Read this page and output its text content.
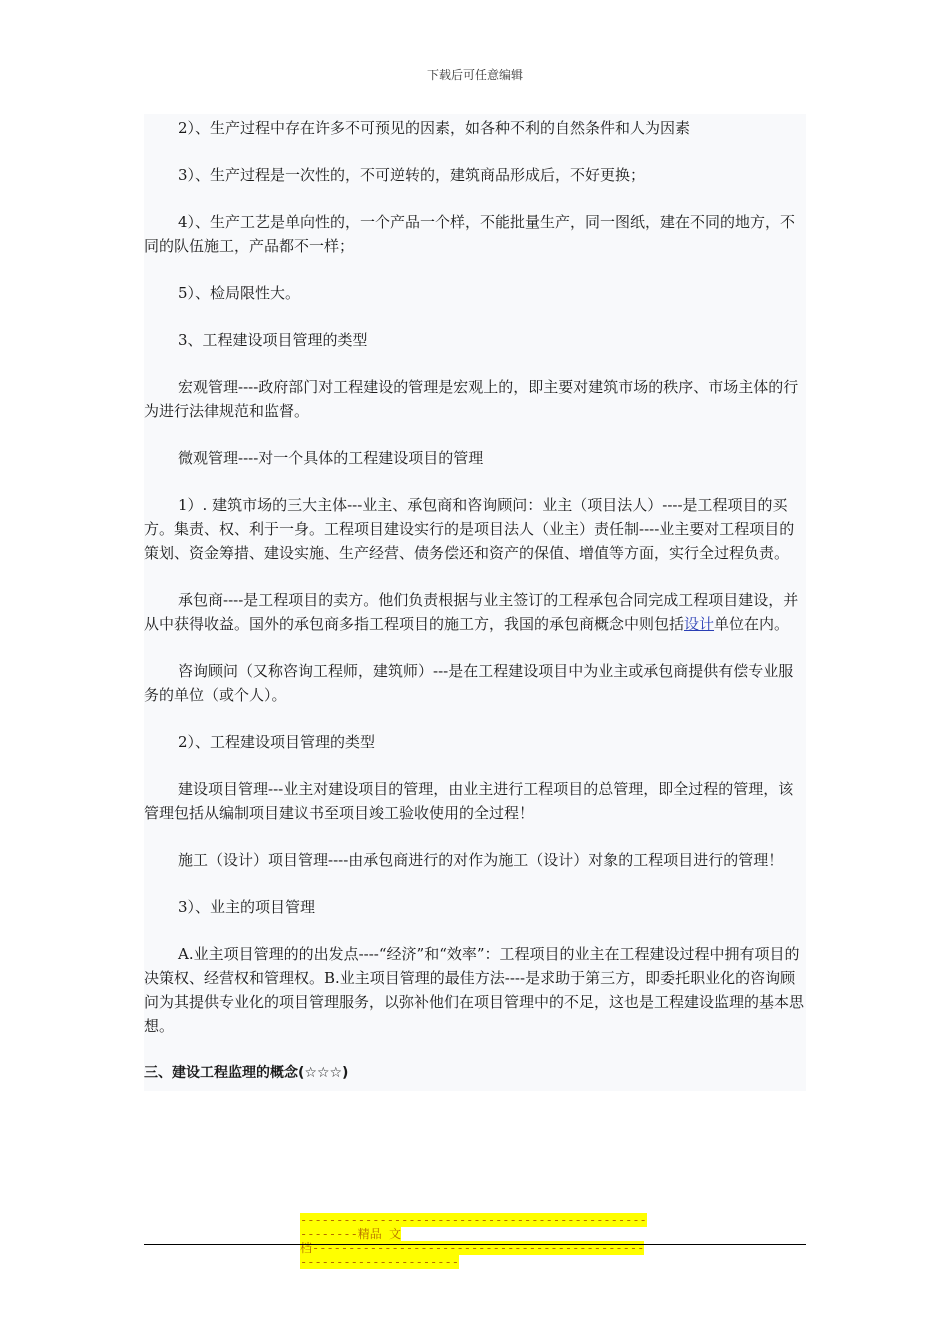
下载后可任意编辑

2）、生产过程中存在许多不可预见的因素，如各种不利的自然条件和人为因素

3）、生产过程是一次性的，不可逆转的，建筑商品形成后，不好更换；

4）、生产工艺是单向性的，一个产品一个样，不能批量生产，同一图纸，建在不同的地方，不同的队伍施工，产品都不一样；

5）、检局限性大。

3、工程建设项目管理的类型

宏观管理----政府部门对工程建设的管理是宏观上的，即主要对建筑市场的秩序、市场主体的行为进行法律规范和监督。

微观管理----对一个具体的工程建设项目的管理

1）. 建筑市场的三大主体---业主、承包商和咨询顾问：业主（项目法人）----是工程项目的买方。集责、权、利于一身。工程项目建设实行的是项目法人（业主）责任制----业主要对工程项目的策划、资金筹措、建设实施、生产经营、债务偿还和资产的保值、增值等方面，实行全过程负责。

承包商----是工程项目的卖方。他们负责根据与业主签订的工程承包合同完成工程项目建设，并从中获得收益。国外的承包商多指工程项目的施工方，我国的承包商概念中则包括设计单位在内。

咨询顾问（又称咨询工程师，建筑师）---是在工程建设项目中为业主或承包商提供有偿专业服务的单位（或个人）。

2）、工程建设项目管理的类型

建设项目管理---业主对建设项目的管理，由业主进行工程项目的总管理，即全过程的管理，该管理包括从编制项目建议书至项目竣工验收使用的全过程！

施工（设计）项目管理----由承包商进行的对作为施工（设计）对象的工程项目进行的管理！

3）、业主的项目管理

A.业主项目管理的的出发点----“经济”和“效率”：工程项目的业主在工程建设过程中拥有项目的决策权、经营权和管理权。B.业主项目管理的最佳方法----是求助于第三方，即委托职业化的咨询顾问为其提供专业化的项目管理服务，以弥补他们在项目管理中的不足，这也是工程建设监理的基本思想。

三、建设工程监理的概念(☆☆☆)

--------------------------------------------------------精品 文
档--------------------------------------------------------------------
